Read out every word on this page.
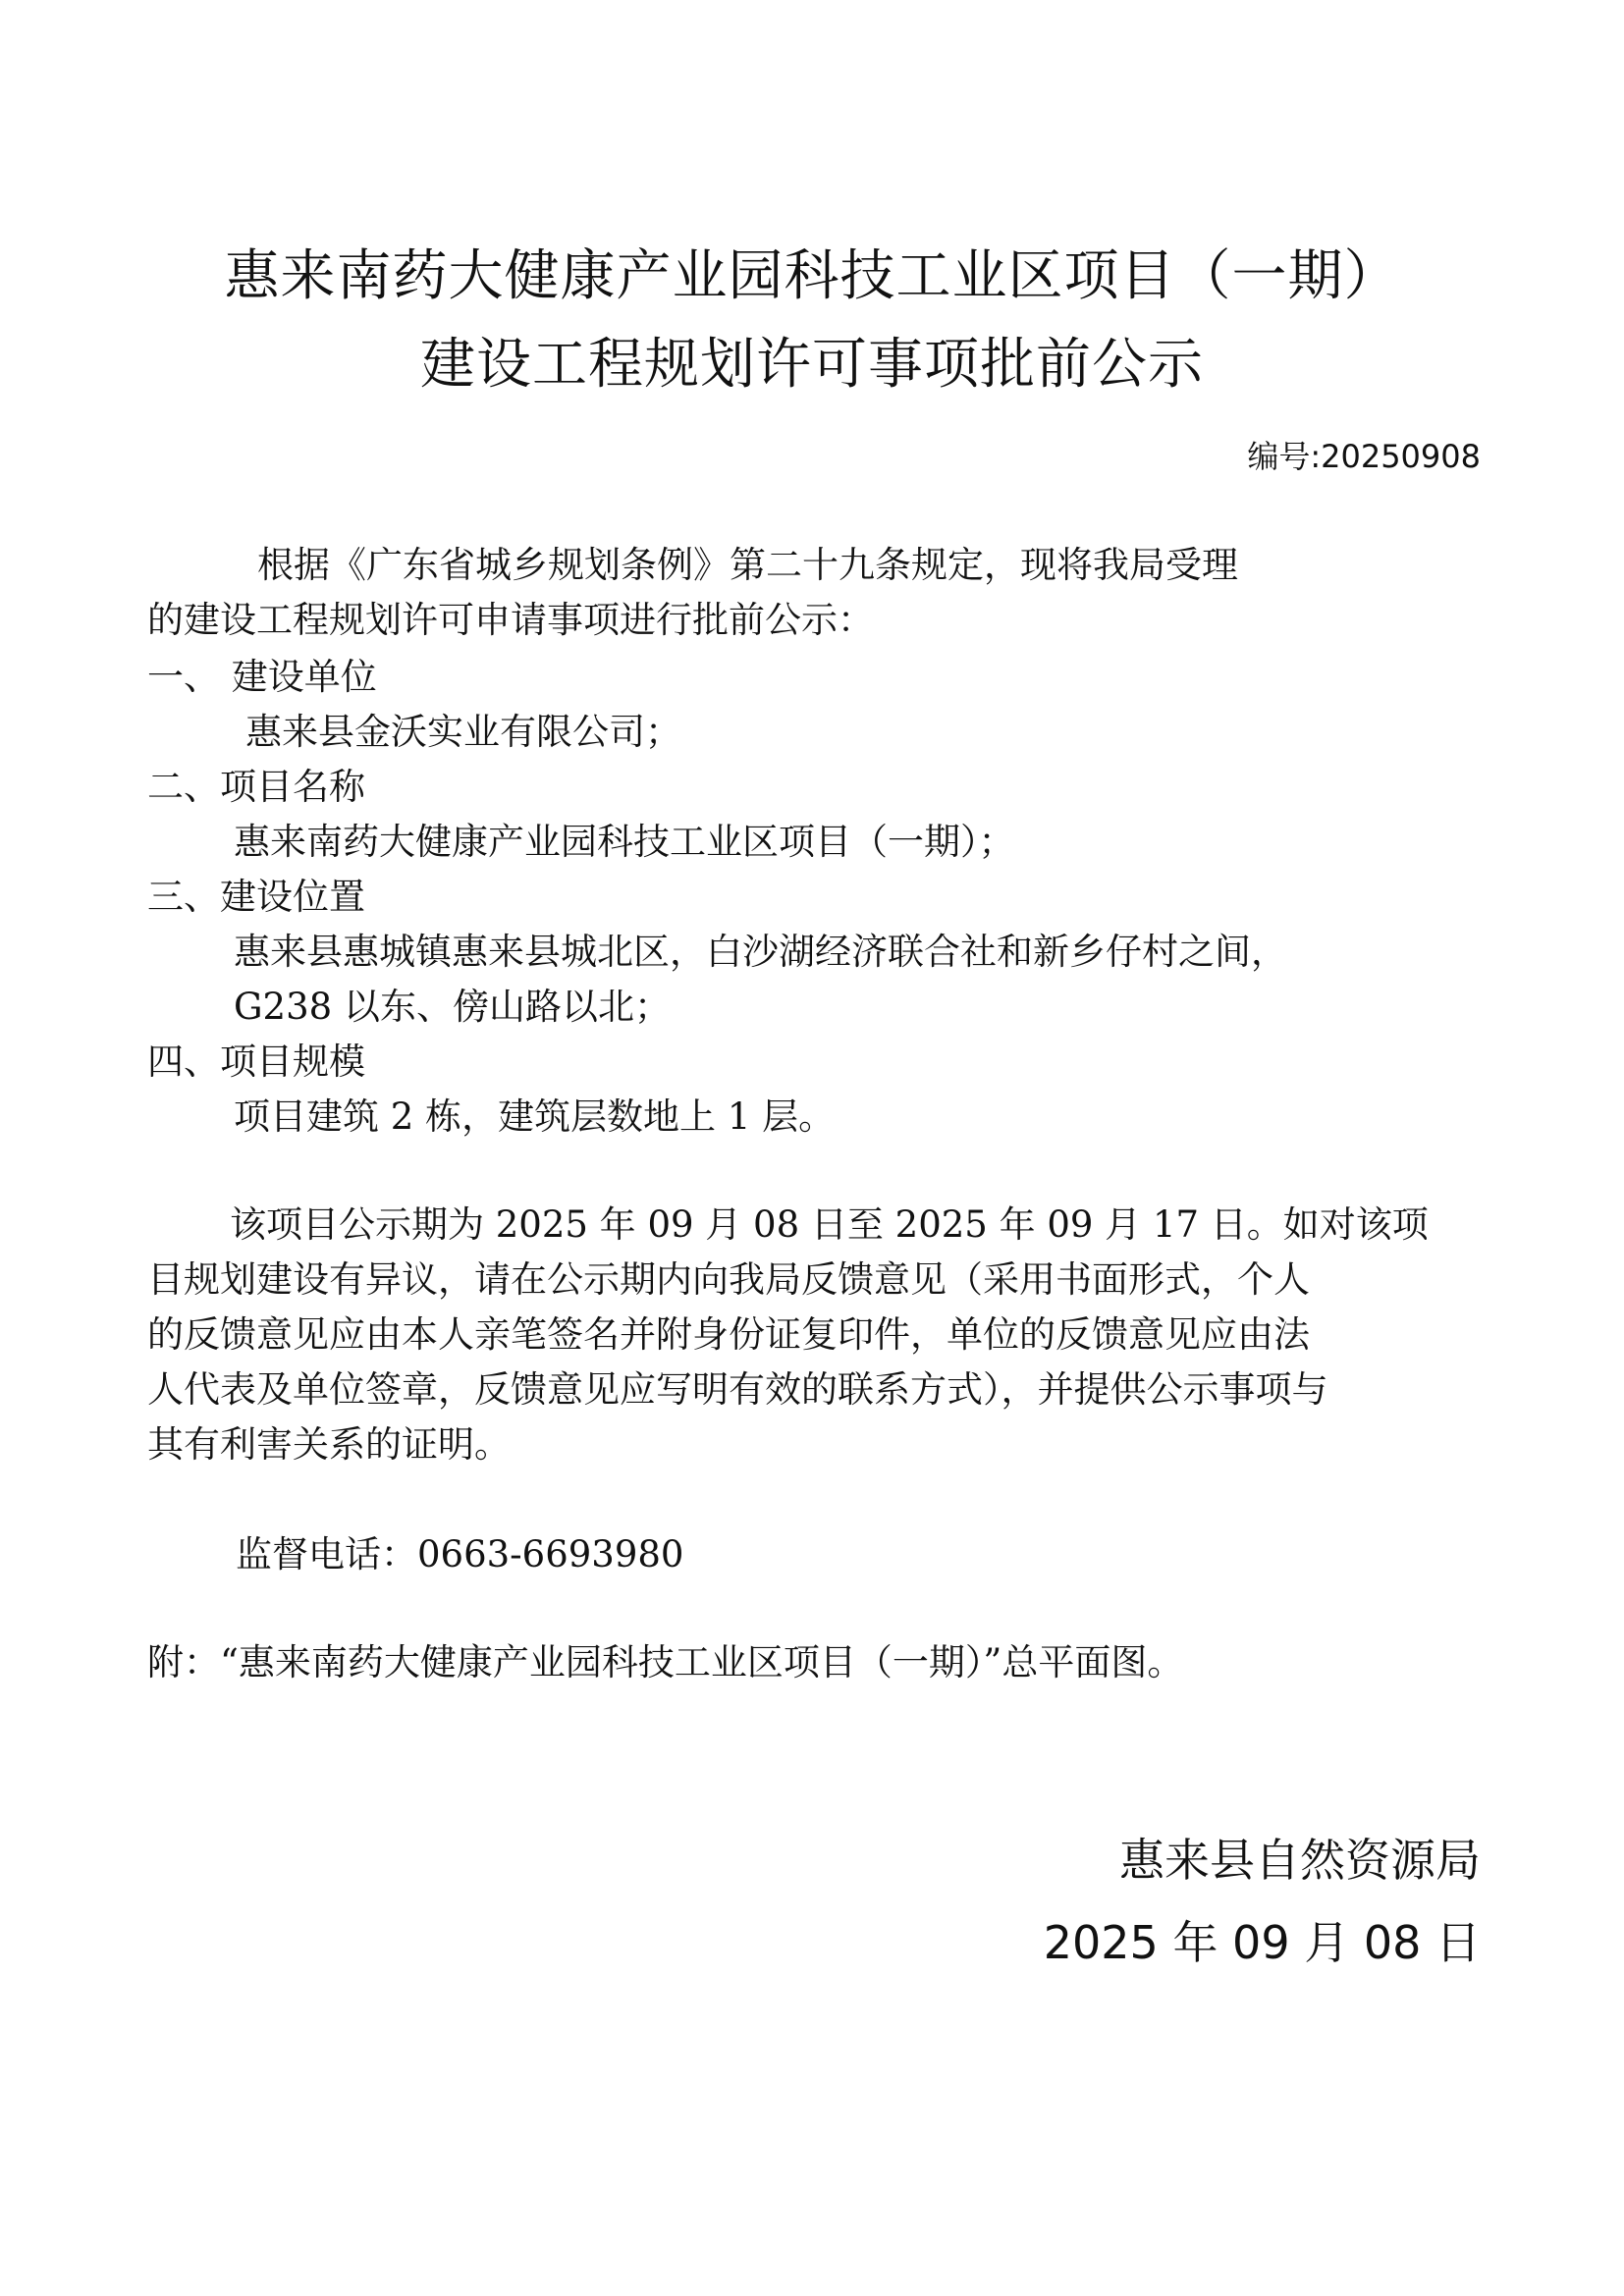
惠来南药大健康产业园科技工业区项目（一期）
建设工程规划许可事项批前公示
编号:20250908
根据《广东省城乡规划条例》第二十九条规定，现将我局受理
的建设工程规划许可申请事项进行批前公示：
一、 建设单位
惠来县金沃实业有限公司；
二、项目名称
惠来南药大健康产业园科技工业区项目（一期）；
三、建设位置
惠来县惠城镇惠来县城北区，白沙湖经济联合社和新乡仔村之间，
G238 以东、傍山路以北；
四、项目规模
项目建筑 2 栋，建筑层数地上 1 层。
该项目公示期为 2025 年 09 月 08 日至 2025 年 09 月 17 日。如对该项
目规划建设有异议，请在公示期内向我局反馈意见（采用书面形式，个人
的反馈意见应由本人亲笔签名并附身份证复印件，单位的反馈意见应由法
人代表及单位签章，反馈意见应写明有效的联系方式），并提供公示事项与
其有利害关系的证明。
监督电话：0663-6693980
附：“惠来南药大健康产业园科技工业区项目（一期）”总平面图。
惠来县自然资源局
2025 年 09 月 08 日
